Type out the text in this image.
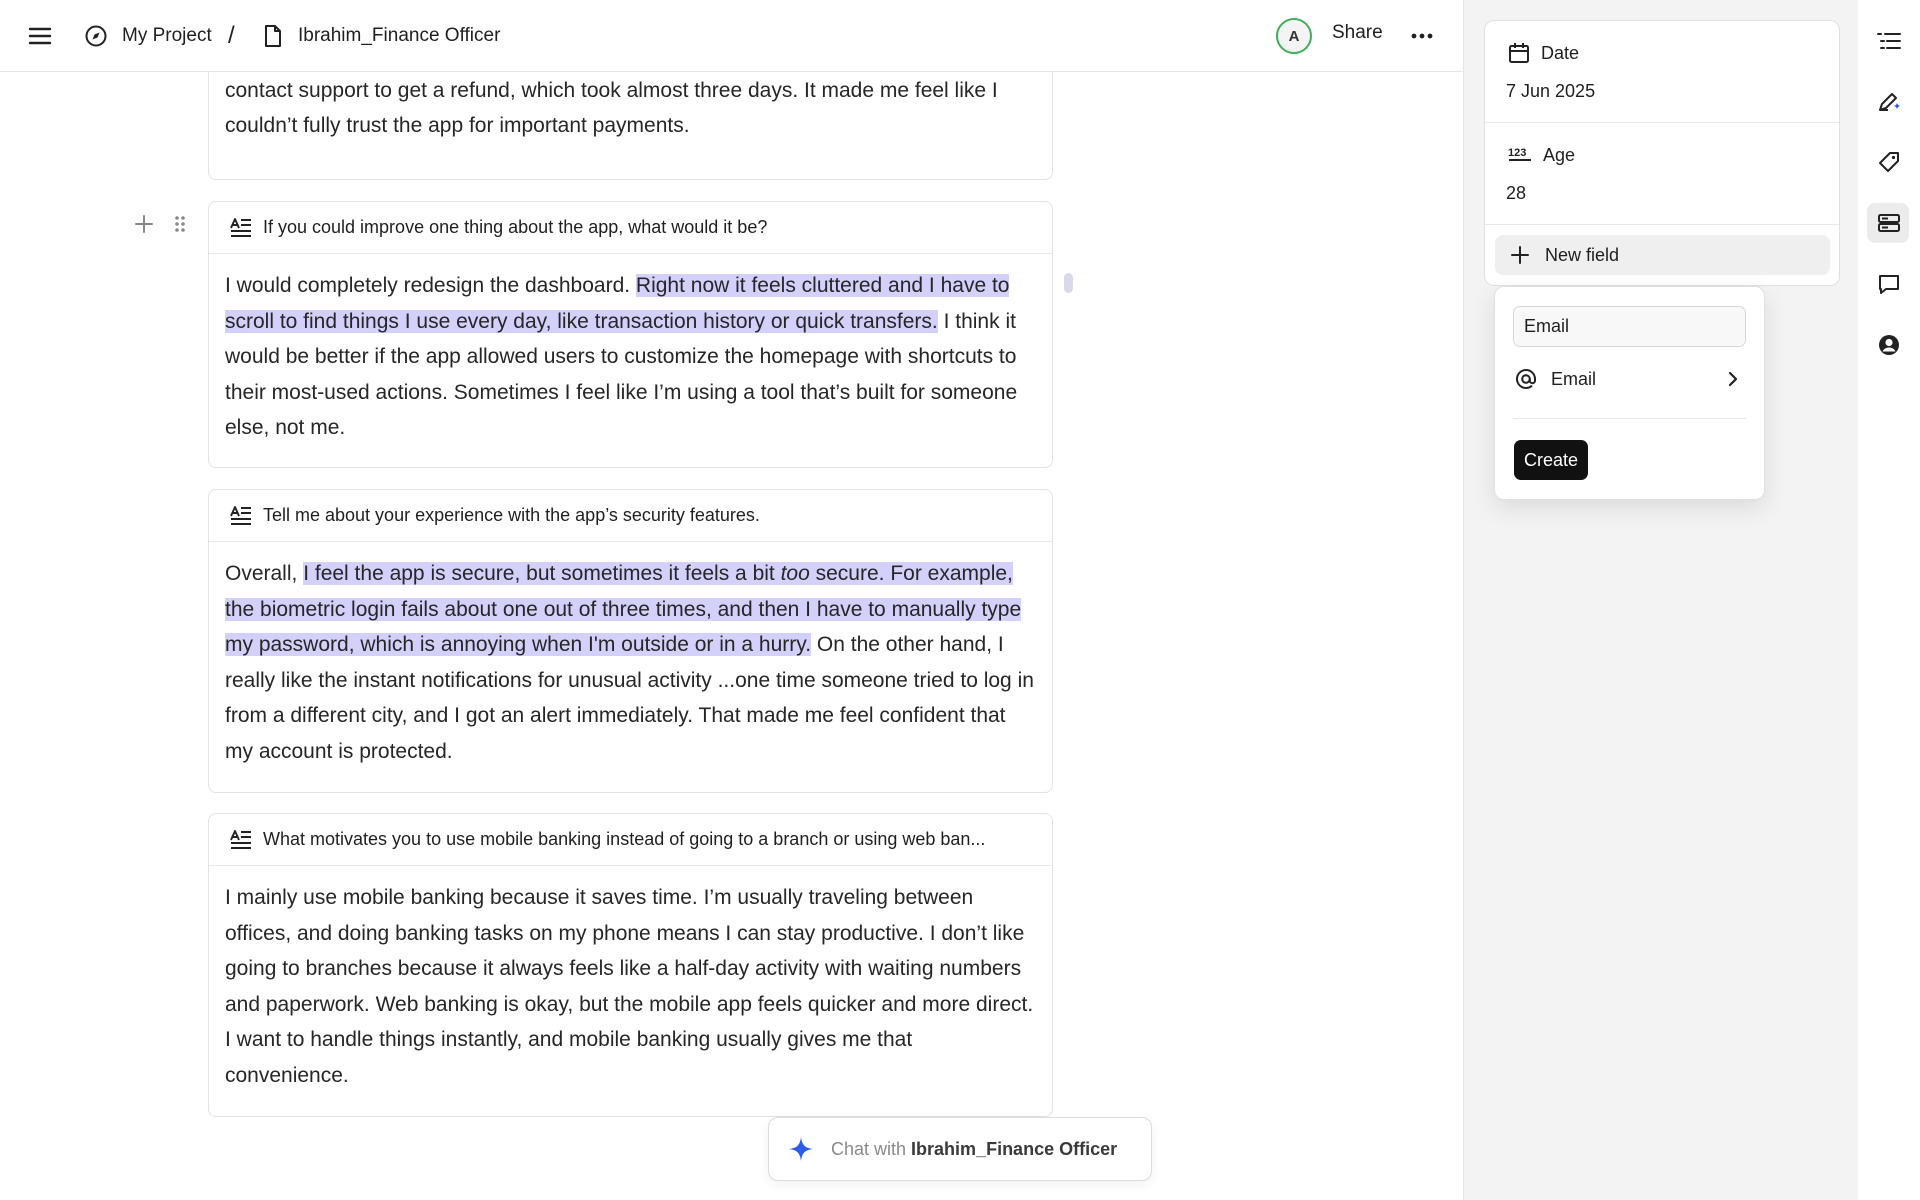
My Project /	Ibrahim_Finance Officer	A	Share
contact support to get a refund, which took almost three days. It made me feel like I couldn’t fully trust the app for important payments.
If you could improve one thing about the app, what would it be?
I would completely redesign the dashboard. Right now it feels cluttered and I have to scroll to find things I use every day, like transaction history or quick transfers. I think it would be better if the app allowed users to customize the homepage with shortcuts to their most-used actions. Sometimes I feel like I’m using a tool that’s built for someone else, not me.
Tell me about your experience with the app’s security features.
Overall, I feel the app is secure, but sometimes it feels a bit too secure. For example, the biometric login fails about one out of three times, and then I have to manually type my password, which is annoying when I'm outside or in a hurry. On the other hand, I really like the instant notifications for unusual activity ...one time someone tried to log in from a different city, and I got an alert immediately. That made me feel confident that my account is protected.
What motivates you to use mobile banking instead of going to a branch or using web ban...
I mainly use mobile banking because it saves time. I’m usually traveling between offices, and doing banking tasks on my phone means I can stay productive. I don’t like going to branches because it always feels like a half-day activity with waiting numbers and paperwork. Web banking is okay, but the mobile app feels quicker and more direct. I want to handle things instantly, and mobile banking usually gives me that convenience.
Chat with Ibrahim_Finance Officer
Date
7 Jun 2025
123 Age
28
New field
Email
Email
Create
